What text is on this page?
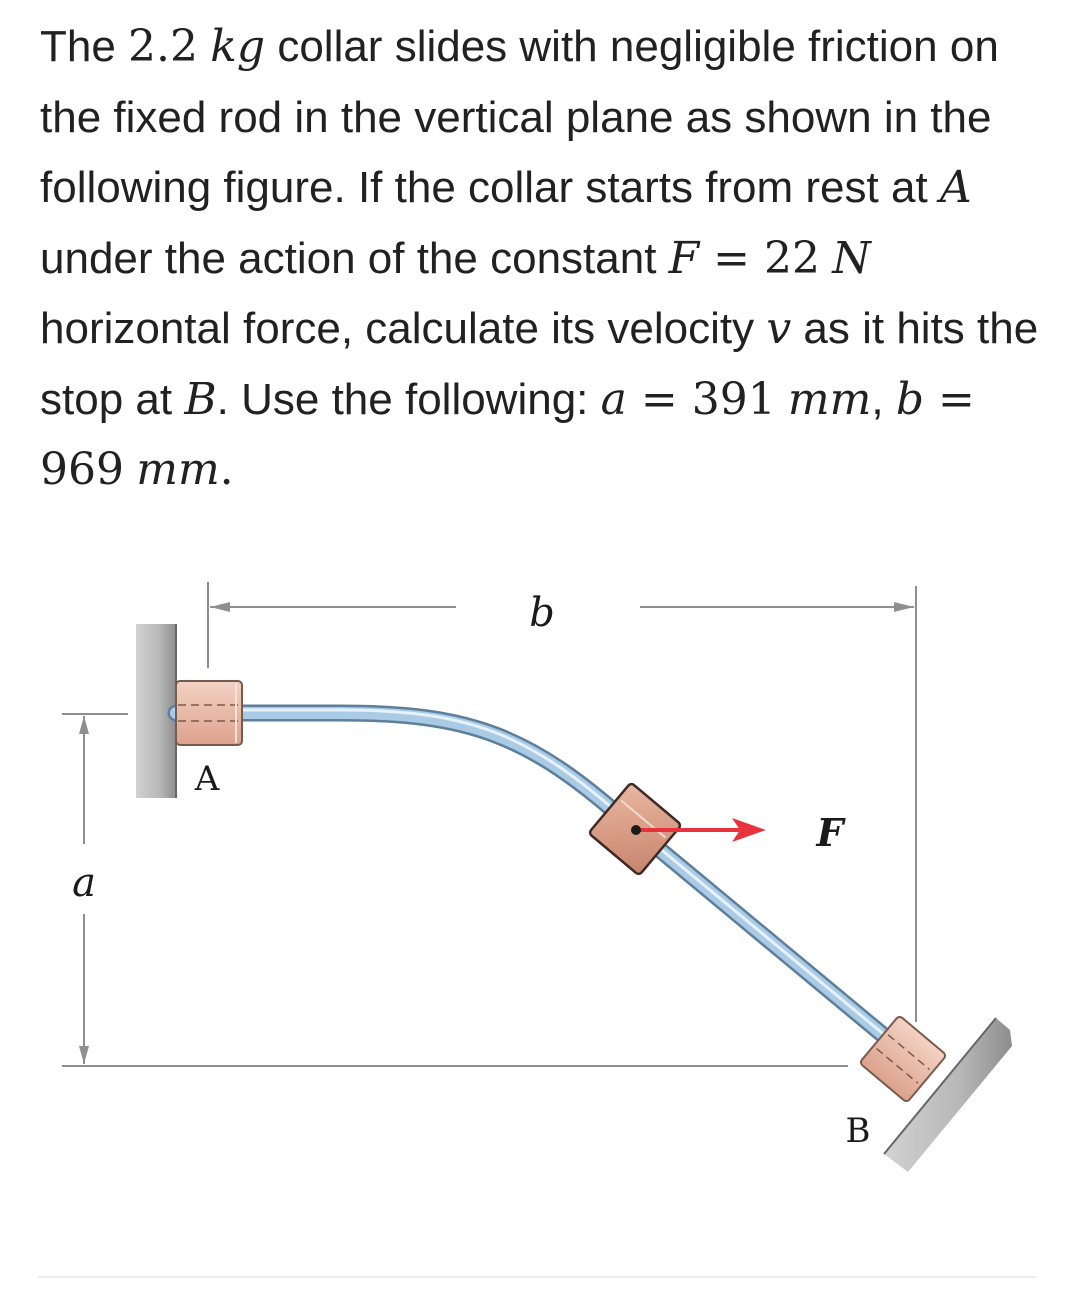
The 2.2 kg collar slides with negligible friction on the fixed rod in the vertical plane as shown in the following figure. If the collar starts from rest at A under the action of the constant F = 22 N horizontal force, calculate its velocity v as it hits the stop at B. Use the following: a = 391 mm, b = 969 mm.
b
a
A
F
B
